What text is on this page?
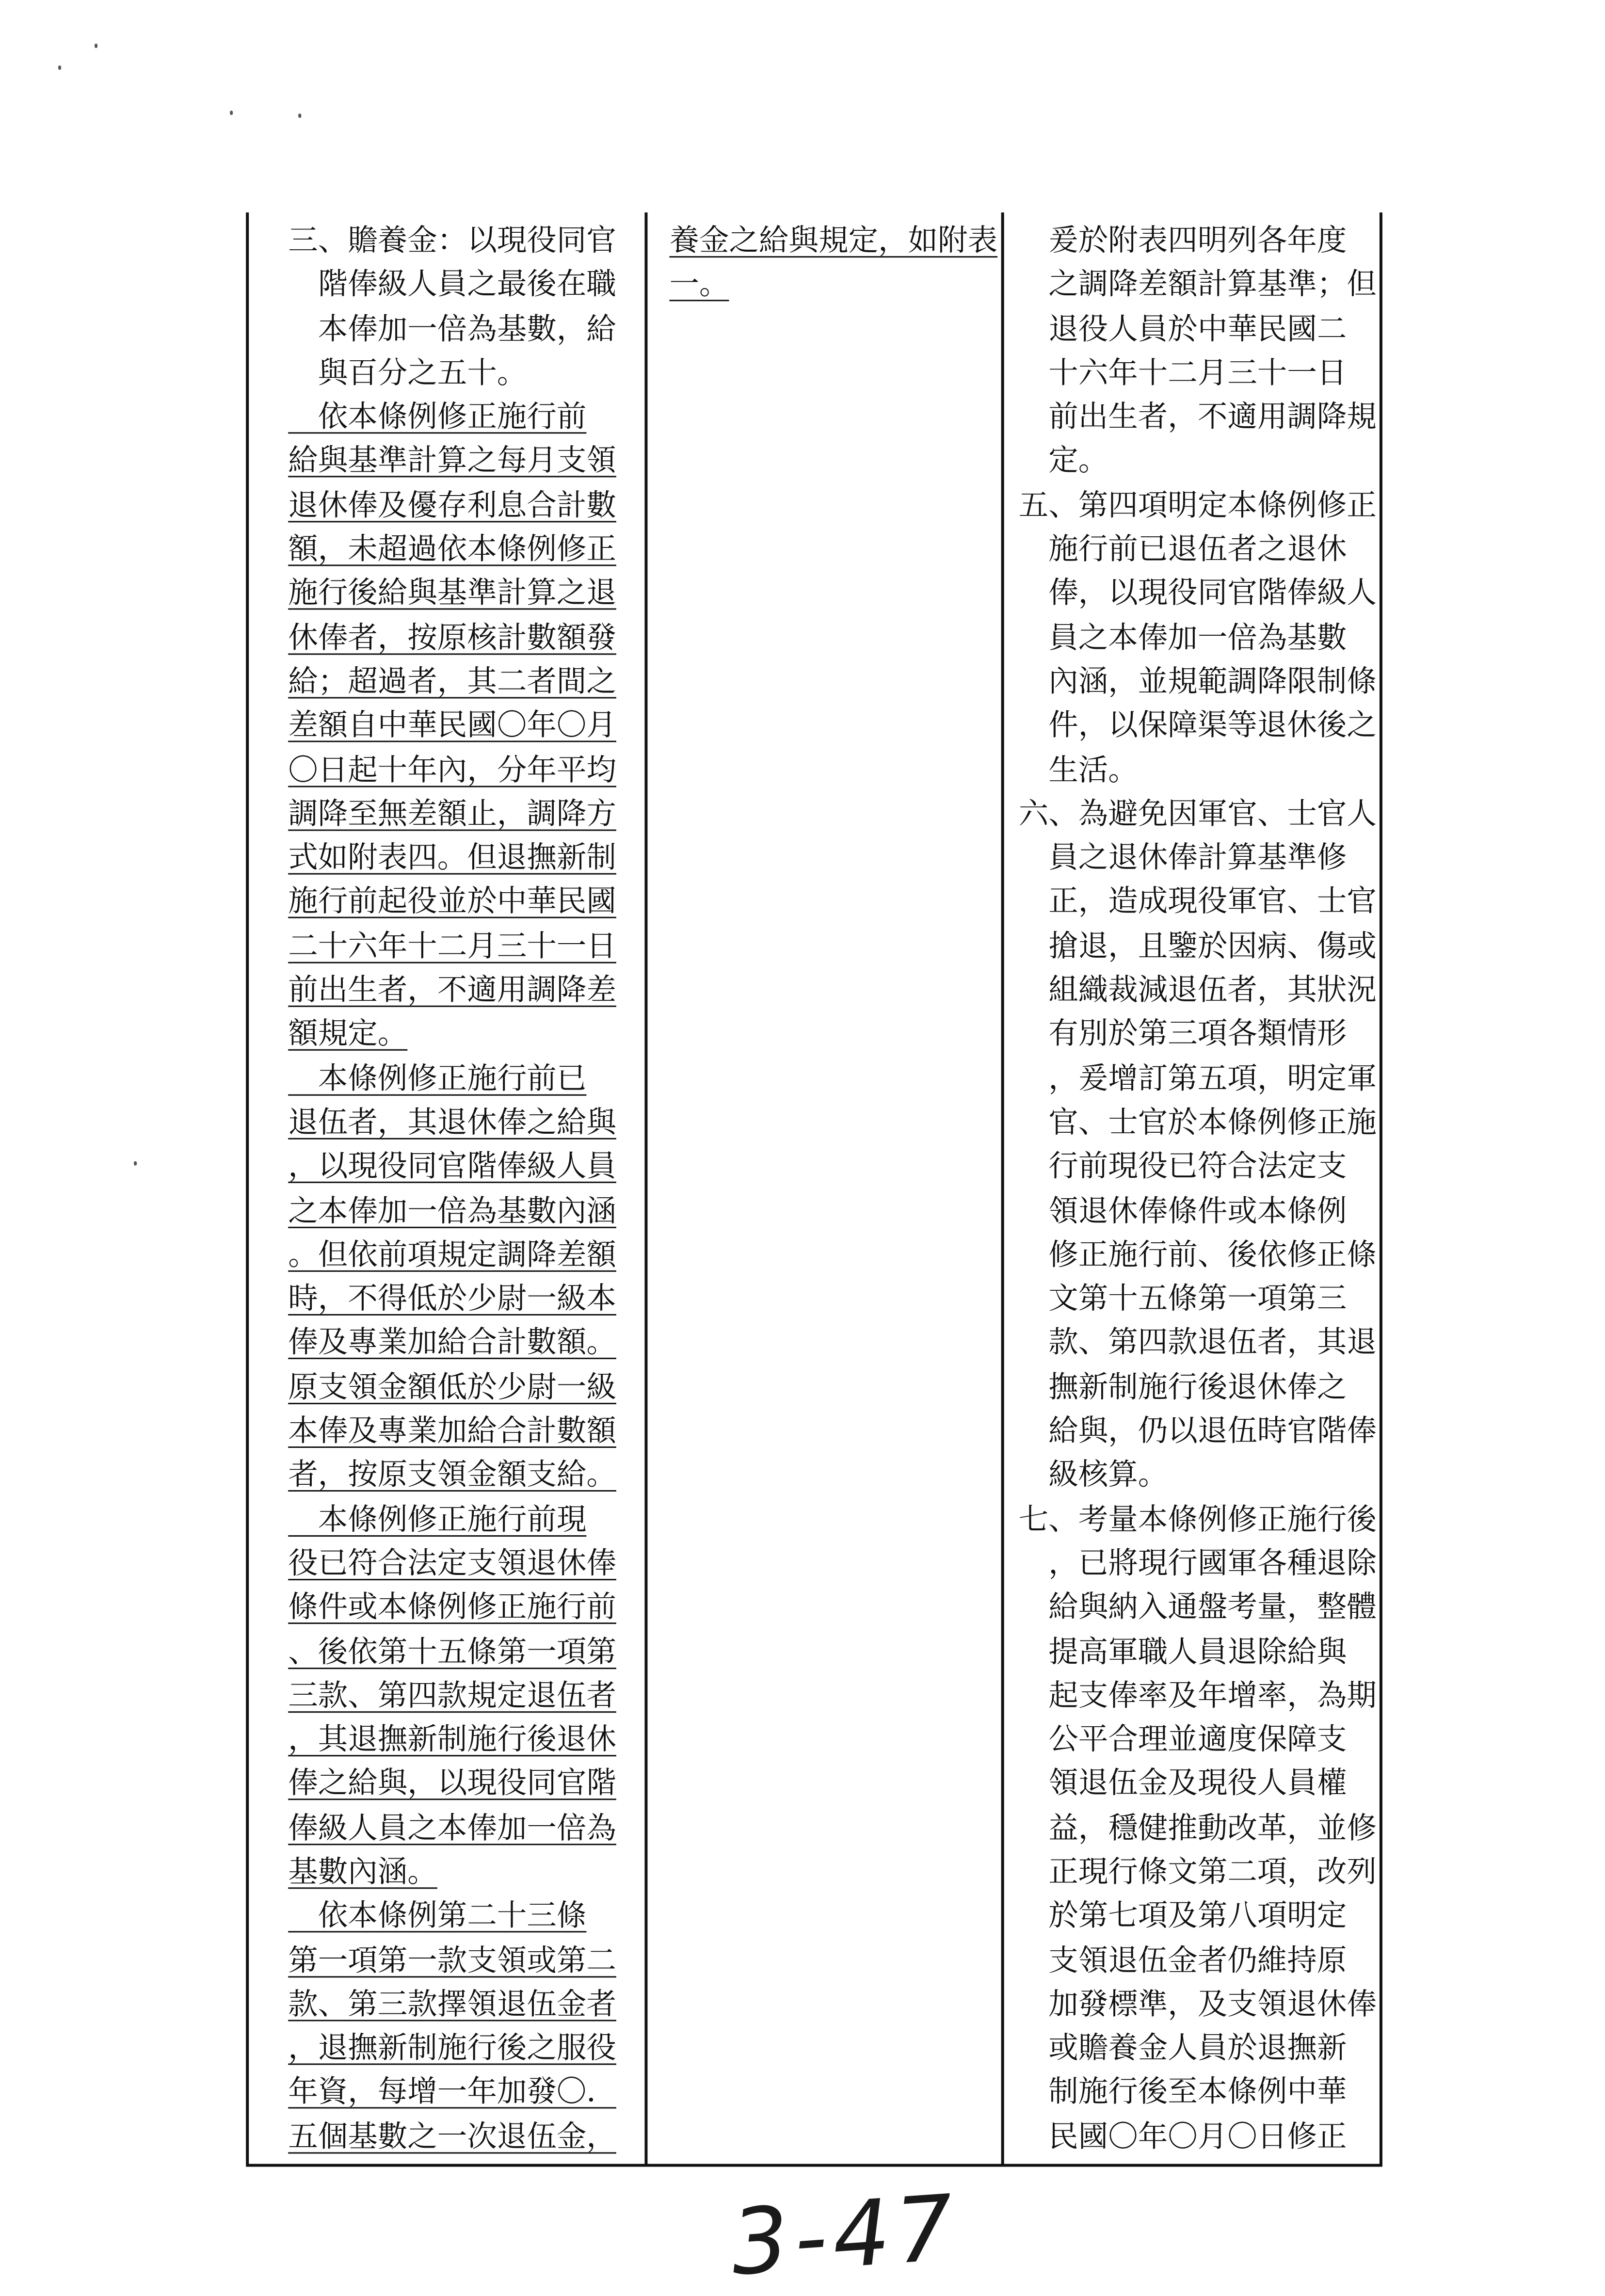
三、贍養金：以現役同官
　階俸級人員之最後在職
　本俸加一倍為基數，給
　與百分之五十。
　依本條例修正施行前
給與基準計算之每月支領
退休俸及優存利息合計數
額，未超過依本條例修正
施行後給與基準計算之退
休俸者，按原核計數額發
給；超過者，其二者間之
差額自中華民國〇年〇月
〇日起十年內，分年平均
調降至無差額止，調降方
式如附表四。但退撫新制
施行前起役並於中華民國
二十六年十二月三十一日
前出生者，不適用調降差
額規定。
　本條例修正施行前已
退伍者，其退休俸之給與
，以現役同官階俸級人員
之本俸加一倍為基數內涵
。但依前項規定調降差額
時，不得低於少尉一級本
俸及專業加給合計數額。
原支領金額低於少尉一級
本俸及專業加給合計數額
者，按原支領金額支給。
　本條例修正施行前現
役已符合法定支領退休俸
條件或本條例修正施行前
、後依第十五條第一項第
三款、第四款規定退伍者
，其退撫新制施行後退休
俸之給與，以現役同官階
俸級人員之本俸加一倍為
基數內涵。
　依本條例第二十三條
第一項第一款支領或第二
款、第三款擇領退伍金者
，退撫新制施行後之服役
年資，每增一年加發〇．
五個基數之一次退伍金，
養金之給與規定，如附表
一。
　爰於附表四明列各年度
　之調降差額計算基準；但
　退役人員於中華民國二
　十六年十二月三十一日
　前出生者，不適用調降規
　定。
五、第四項明定本條例修正
　施行前已退伍者之退休
　俸，以現役同官階俸級人
　員之本俸加一倍為基數
　內涵，並規範調降限制條
　件，以保障渠等退休後之
　生活。
六、為避免因軍官、士官人
　員之退休俸計算基準修
　正，造成現役軍官、士官
　搶退，且鑒於因病、傷或
　組織裁減退伍者，其狀況
　有別於第三項各類情形
　，爰增訂第五項，明定軍
　官、士官於本條例修正施
　行前現役已符合法定支
　領退休俸條件或本條例
　修正施行前、後依修正條
　文第十五條第一項第三
　款、第四款退伍者，其退
　撫新制施行後退休俸之
　給與，仍以退伍時官階俸
　級核算。
七、考量本條例修正施行後
　，已將現行國軍各種退除
　給與納入通盤考量，整體
　提高軍職人員退除給與
　起支俸率及年增率，為期
　公平合理並適度保障支
　領退伍金及現役人員權
　益，穩健推動改革，並修
　正現行條文第二項，改列
　於第七項及第八項明定
　支領退伍金者仍維持原
　加發標準，及支領退休俸
　或贍養金人員於退撫新
　制施行後至本條例中華
　民國〇年〇月〇日修正
3-47
